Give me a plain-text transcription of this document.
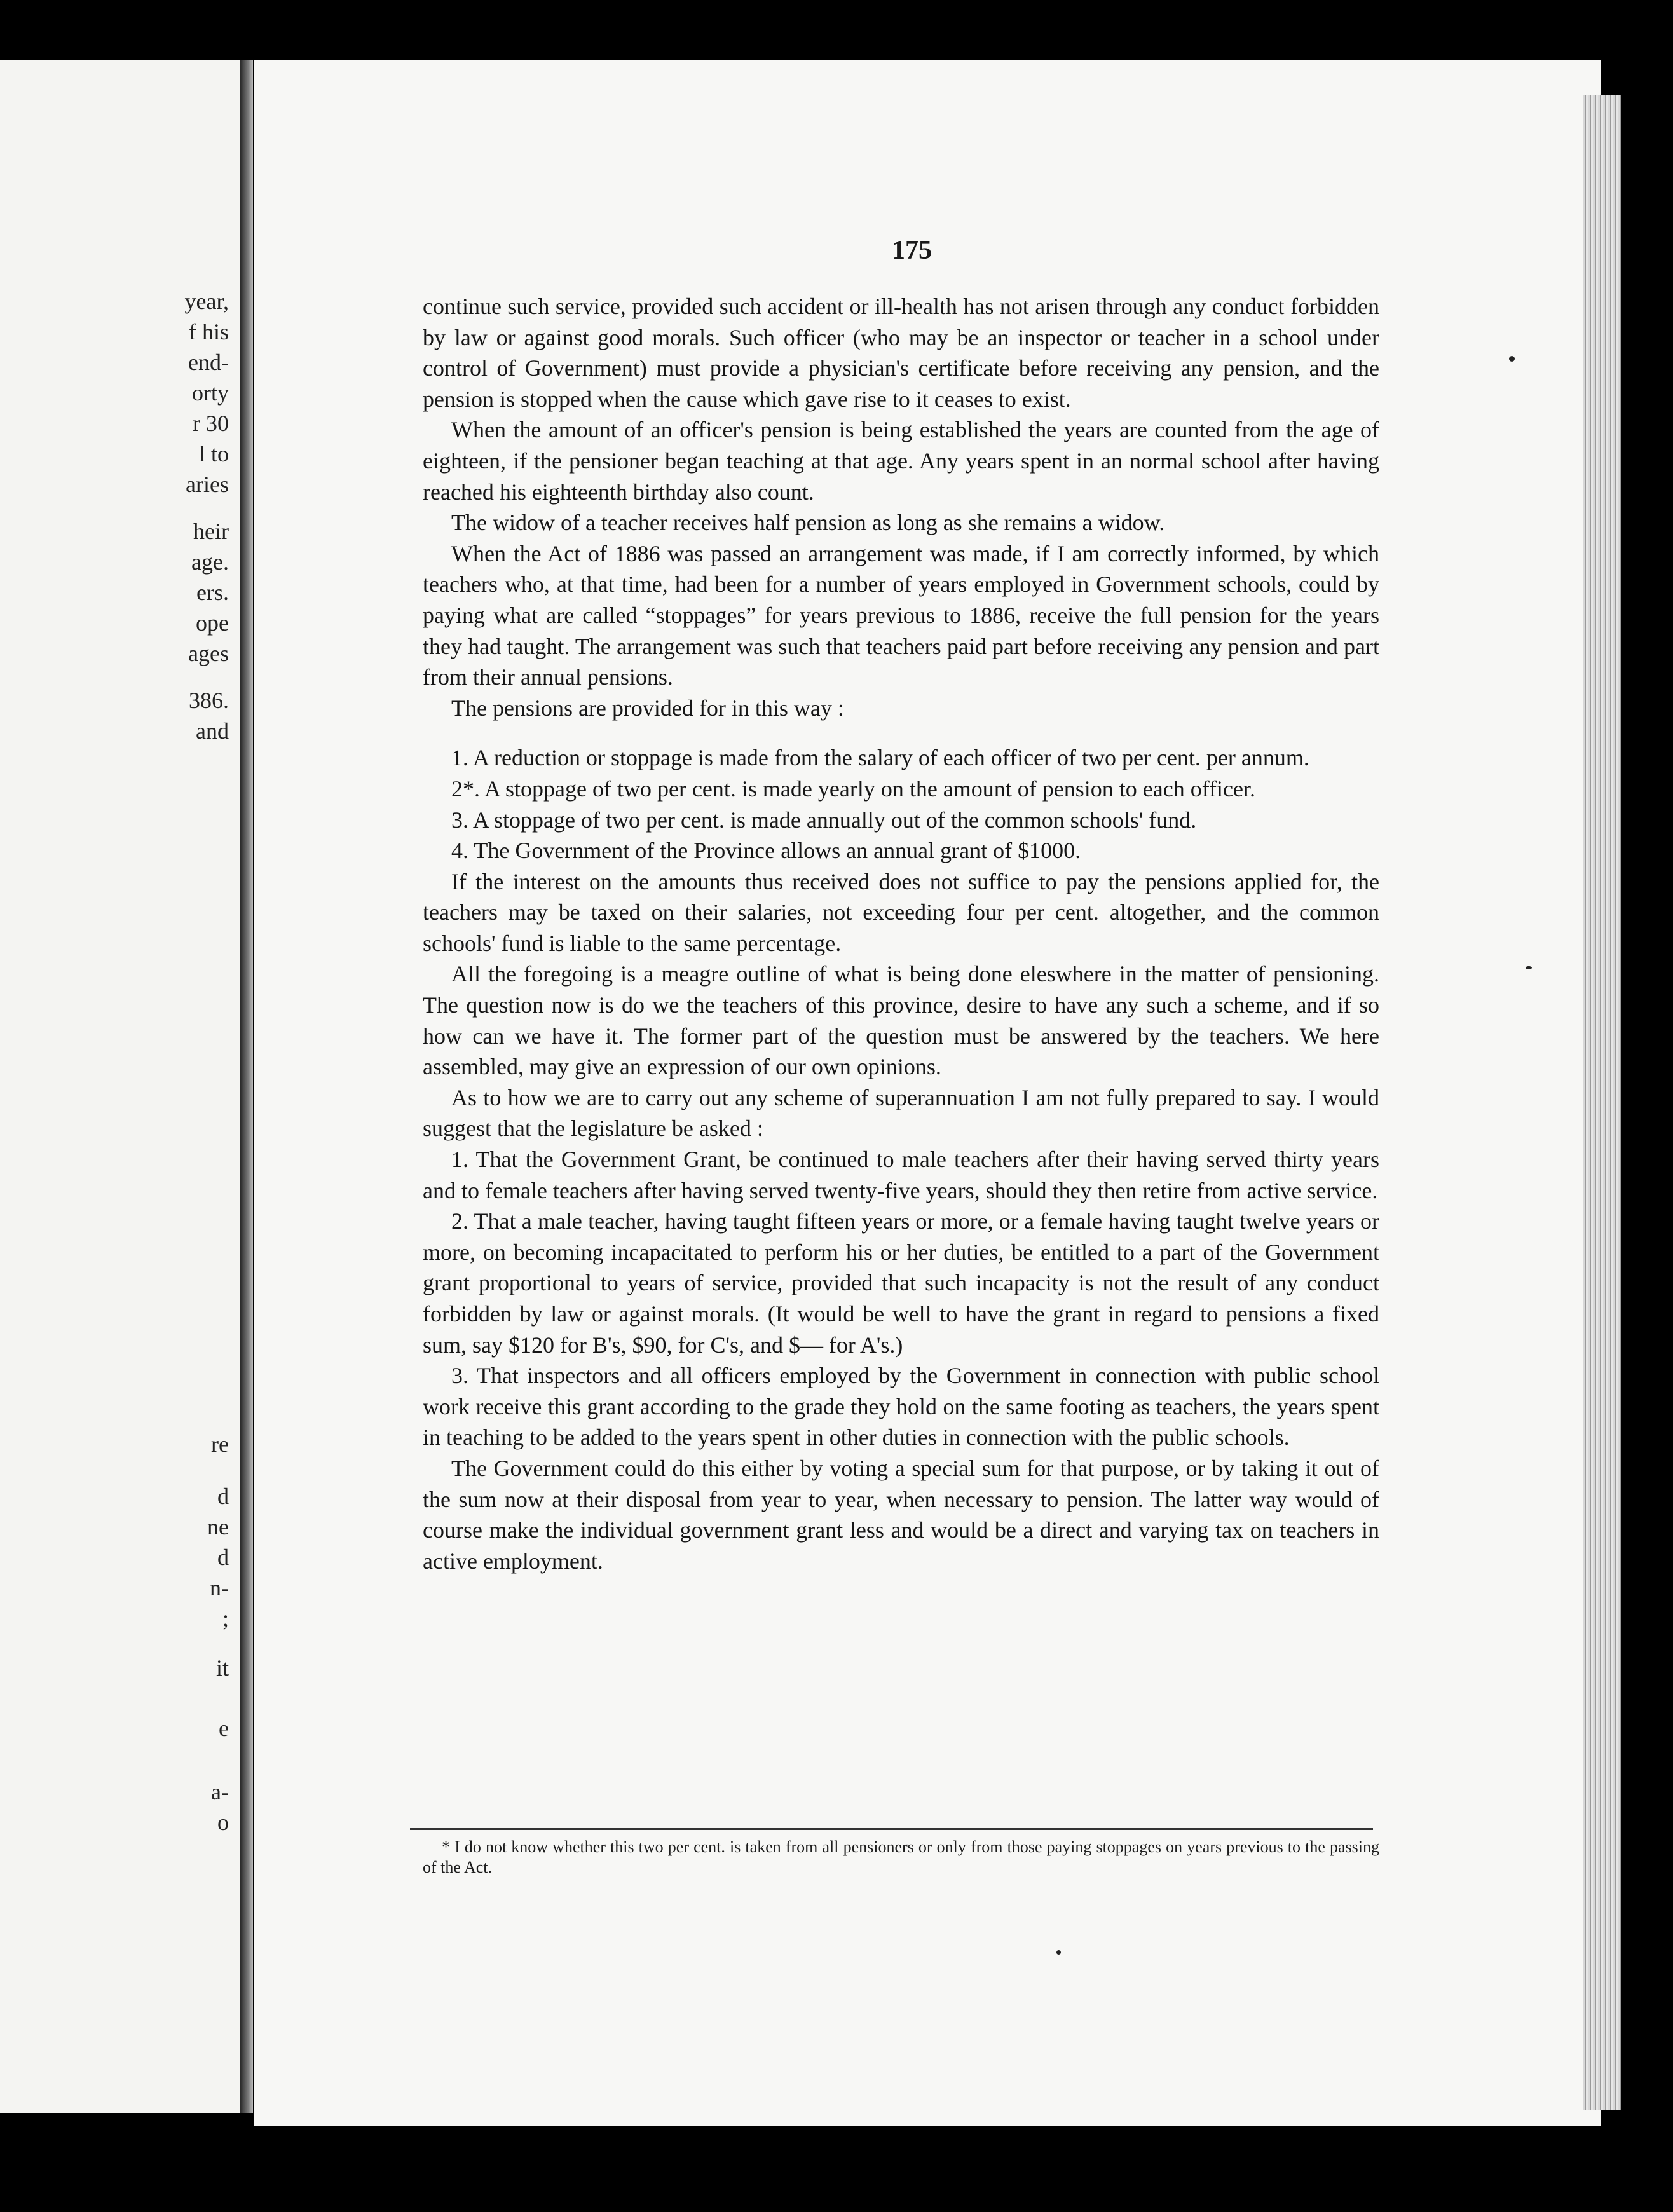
year,
f his
end-
orty
r 30
l to
aries
heir
age.
ers.
ope
ages
386.
and
re
d
ne
d
n-
;
it
e
a-
o
175

continue such service, provided such accident or ill-health has not arisen through any conduct forbidden by law or against good morals. Such officer (who may be an inspector or teacher in a school under control of Government) must provide a physician's certificate before receiving any pension, and the pension is stopped when the cause which gave rise to it ceases to exist.

When the amount of an officer's pension is being established the years are counted from the age of eighteen, if the pensioner began teaching at that age. Any years spent in an normal school after having reached his eighteenth birthday also count.

The widow of a teacher receives half pension as long as she remains a widow.

When the Act of 1886 was passed an arrangement was made, if I am correctly informed, by which teachers who, at that time, had been for a number of years employed in Government schools, could by paying what are called “stoppages” for years previous to 1886, receive the full pension for the years they had taught. The arrangement was such that teachers paid part before receiving any pension and part from their annual pensions.

The pensions are provided for in this way :

1. A reduction or stoppage is made from the salary of each officer of two per cent. per annum.

2*. A stoppage of two per cent. is made yearly on the amount of pension to each officer.

3. A stoppage of two per cent. is made annually out of the common schools' fund.

4. The Government of the Province allows an annual grant of $1000.

If the interest on the amounts thus received does not suffice to pay the pensions applied for, the teachers may be taxed on their salaries, not exceeding four per cent. altogether, and the common schools' fund is liable to the same percentage.

All the foregoing is a meagre outline of what is being done eleswhere in the matter of pensioning. The question now is do we the teachers of this province, desire to have any such a scheme, and if so how can we have it. The former part of the question must be answered by the teachers. We here assembled, may give an expression of our own opinions.

As to how we are to carry out any scheme of superannuation I am not fully prepared to say. I would suggest that the legislature be asked :

1. That the Government Grant, be continued to male teachers after their having served thirty years and to female teachers after having served twenty-five years, should they then retire from active service.

2. That a male teacher, having taught fifteen years or more, or a female having taught twelve years or more, on becoming incapacitated to perform his or her duties, be entitled to a part of the Government grant proportional to years of service, provided that such incapacity is not the result of any conduct forbidden by law or against morals. (It would be well to have the grant in regard to pensions a fixed sum, say $120 for B's, $90, for C's, and $— for A's.)

3. That inspectors and all officers employed by the Government in connection with public school work receive this grant according to the grade they hold on the same footing as teachers, the years spent in teaching to be added to the years spent in other duties in connection with the public schools.

The Government could do this either by voting a special sum for that purpose, or by taking it out of the sum now at their disposal from year to year, when necessary to pension. The latter way would of course make the individual government grant less and would be a direct and varying tax on teachers in active employment.

* I do not know whether this two per cent. is taken from all pensioners or only from those paying stoppages on years previous to the passing of the Act.
